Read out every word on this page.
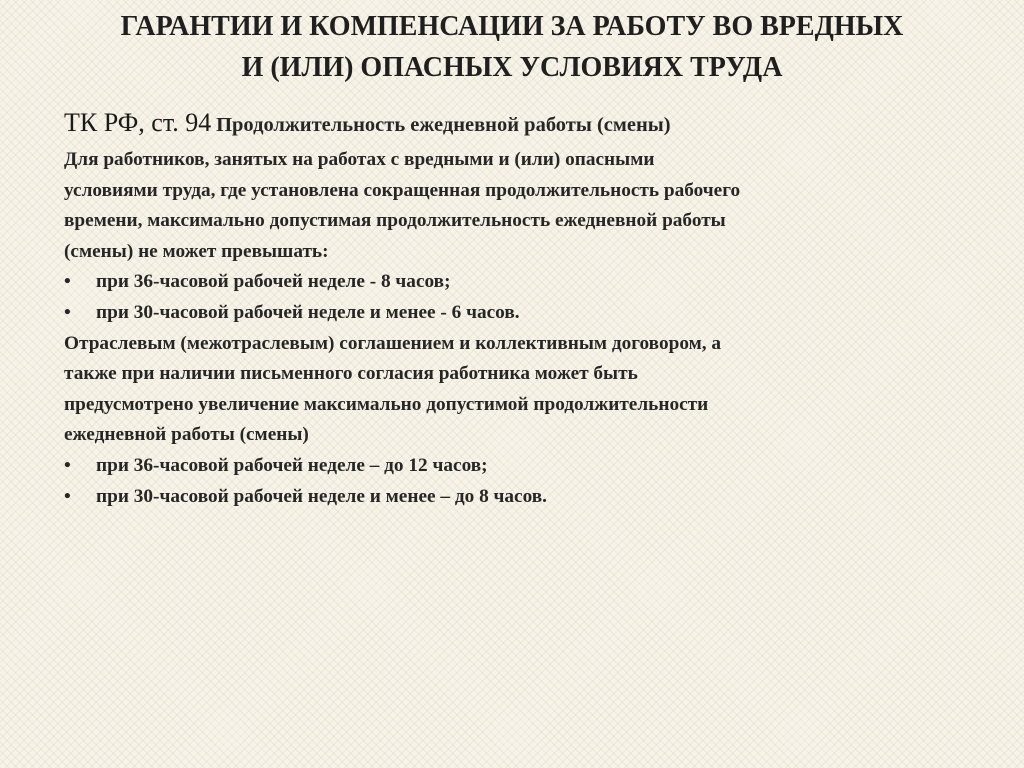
ГАРАНТИИ И КОМПЕНСАЦИИ ЗА РАБОТУ ВО ВРЕДНЫХ
И (ИЛИ) ОПАСНЫХ УСЛОВИЯХ ТРУДА
ТК РФ, ст. 94 Продолжительность ежедневной работы (смены)
Для работников, занятых на работах с вредными и (или) опасными
условиями труда, где установлена сокращенная продолжительность рабочего
времени, максимально допустимая продолжительность ежедневной работы
(смены) не может превышать:
•	при 36-часовой рабочей неделе - 8 часов;
•	при 30-часовой рабочей неделе и менее - 6 часов.
Отраслевым (межотраслевым) соглашением и коллективным договором, а
также при наличии письменного согласия работника может быть
предусмотрено увеличение максимально допустимой продолжительности
ежедневной работы (смены)
•	при 36-часовой рабочей неделе – до 12 часов;
•	при 30-часовой рабочей неделе и менее – до 8 часов.
